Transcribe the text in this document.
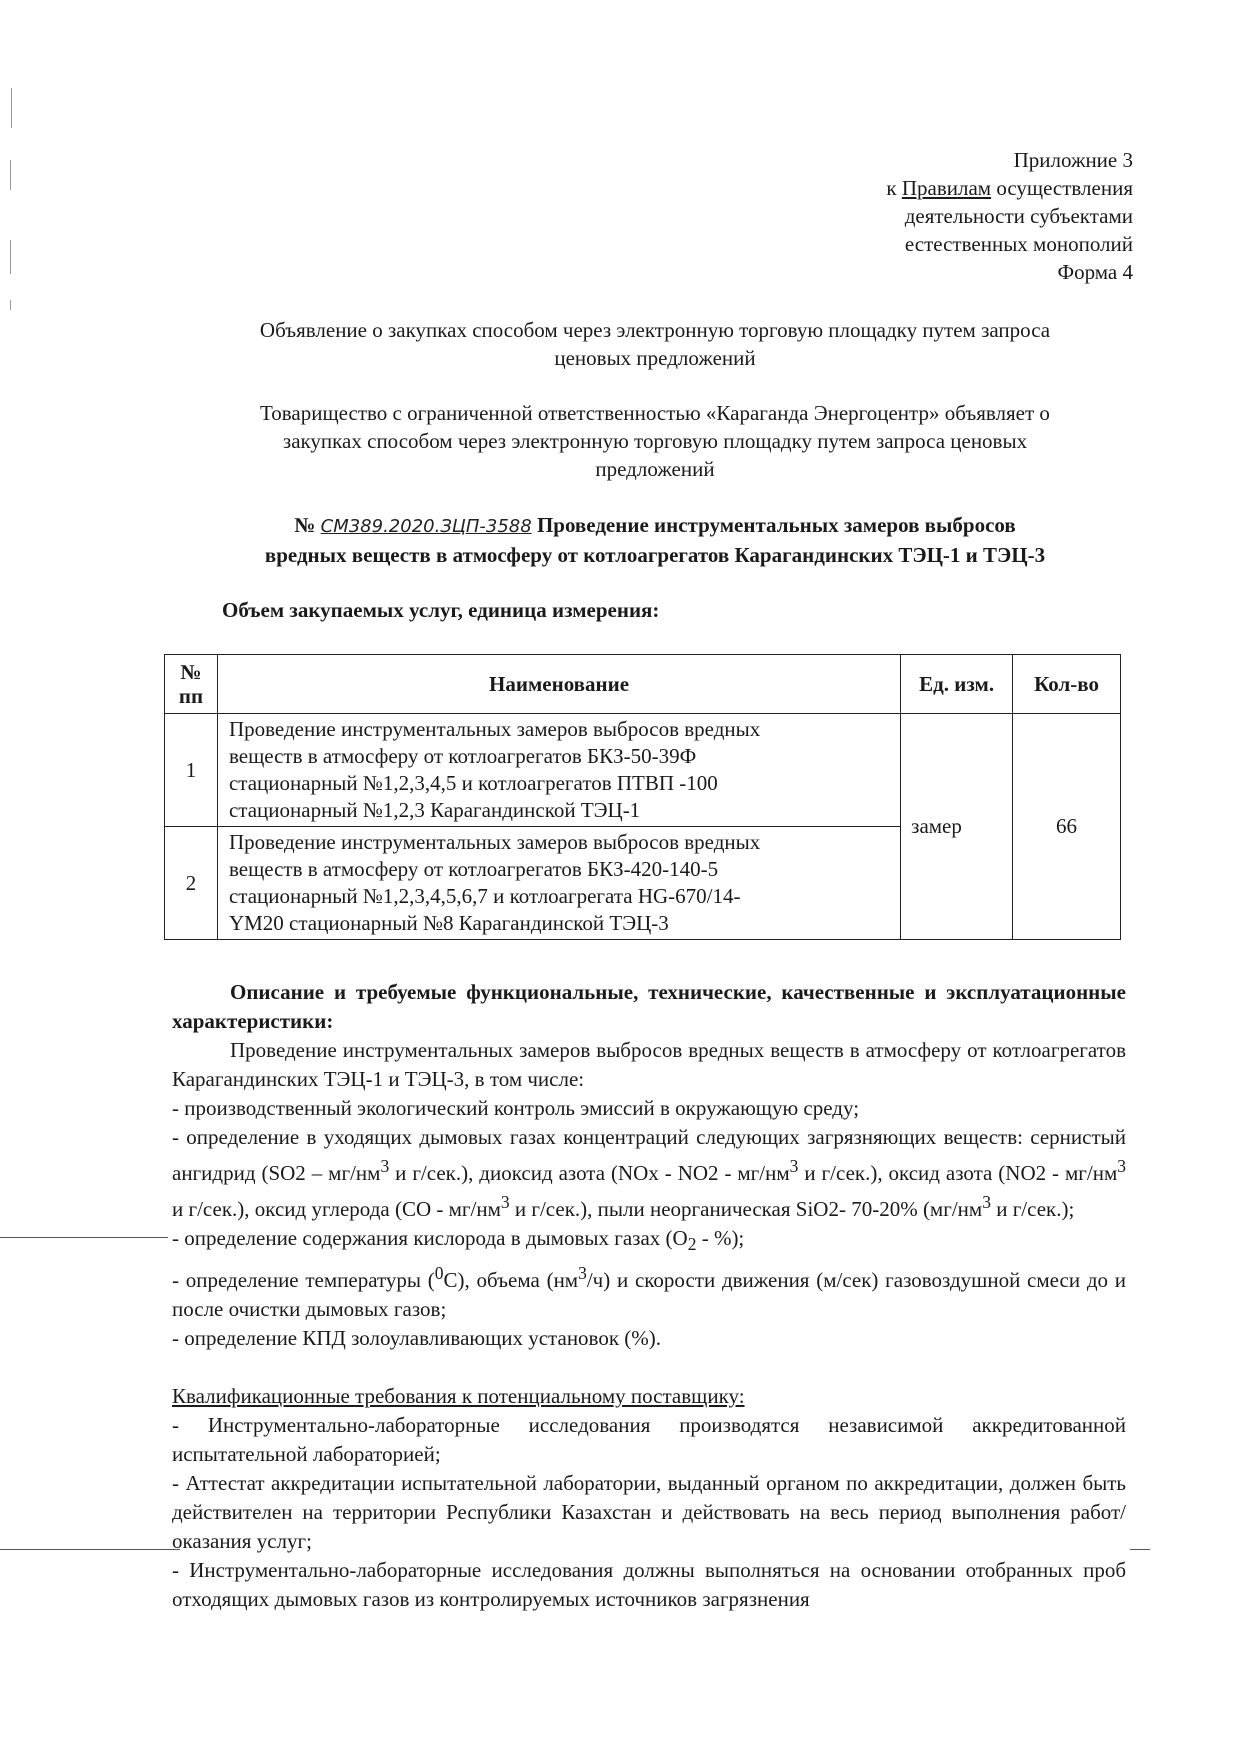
Приложние 3
к Правилам осуществления
деятельности субъектами
естественных монополий
Форма 4
Объявление о закупках способом через электронную торговую площадку путем запроса
ценовых предложений
Товарищество с ограниченной ответственностью «Караганда Энергоцентр» объявляет о
закупках способом через электронную торговую площадку путем запроса ценовых
предложений
№ СМ389.2020.ЗЦП-3588 Проведение инструментальных замеров выбросов
вредных веществ в атмосферу от котлоагрегатов Карагандинских ТЭЦ-1 и ТЭЦ-3
Объем закупаемых услуг, единица измерения:
№
пп	Наименование	Ед. изм.	Кол-во
1	Проведение инструментальных замеров выбросов вредных
веществ в атмосферу от котлоагрегатов БКЗ-50-39Ф
стационарный №1,2,3,4,5 и котлоагрегатов ПТВП -100
стационарный №1,2,3 Карагандинской ТЭЦ-1	замер	66
2	Проведение инструментальных замеров выбросов вредных
веществ в атмосферу от котлоагрегатов БКЗ-420-140-5
стационарный №1,2,3,4,5,6,7 и котлоагрегата HG-670/14-
YM20 стационарный №8 Карагандинской ТЭЦ-3		

Описание и требуемые функциональные, технические, качественные и эксплуатационные характеристики:

Проведение инструментальных замеров выбросов вредных веществ в атмосферу от котлоагрегатов Карагандинских ТЭЦ-1 и ТЭЦ-3, в том числе:

- производственный экологический контроль эмиссий в окружающую среду;

- определение в уходящих дымовых газах концентраций следующих загрязняющих веществ: сернистый ангидрид ($SO2 - мг/нм^3$ и г/сек.), диоксид азота ($NOx - NO2 - мг/нм^3$ и г/сек.), оксид азота ($NO2 - мг/нм^3$ и г/сек.), оксид углерода ($CO - мг/нм^3$ и г/сек.), пыли неорганическая SiO2- 70-20% ($мг/нм^3$ и г/сек.);

- определение содержания кислорода в дымовых газах ($O_2$ - %);

- определение температуры ($^0$C), объема $(нм^3/ч)$ и скорости движения (м/сек) газовоздушной смеси до и после очистки дымовых газов;

- определение КПД золоулавливающих установок (%).

Квалификационные требования к потенциальному поставщику:

- Инструментально-лабораторные исследования производятся независимой аккредитованной испытательной лабораторией;

- Аттестат аккредитации испытательной лаборатории, выданный органом по аккредитации, должен быть действителен на территории Республики Казахстан и действовать на весь период выполнения работ/оказания услуг;

- Инструментально-лабораторные исследования должны выполняться на основании отобранных проб отходящих дымовых газов из контролируемых источников загрязнения
